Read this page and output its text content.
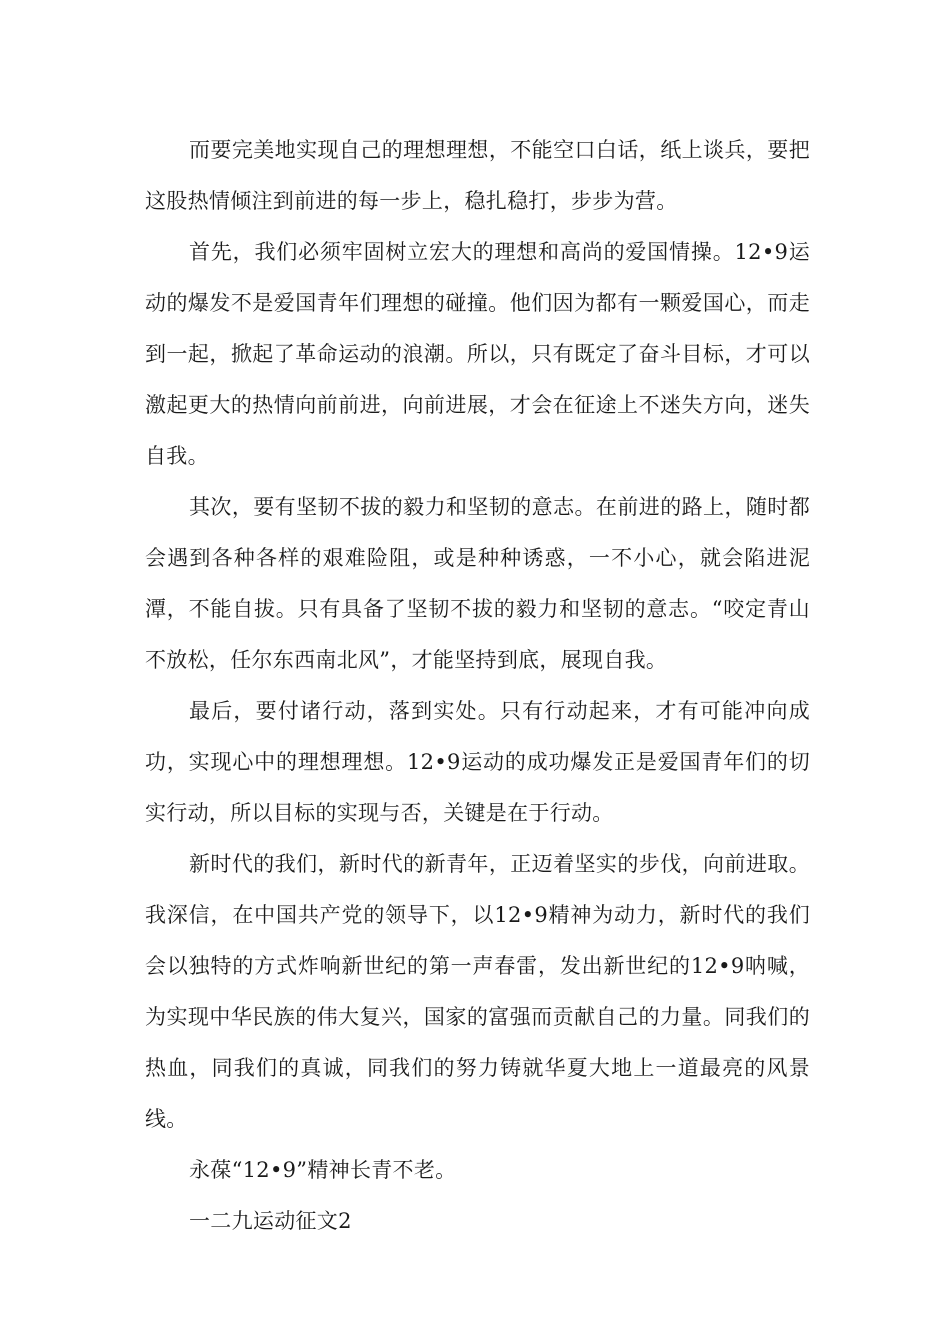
而要完美地实现自己的理想理想，不能空口白话，纸上谈兵，要把这股热情倾注到前进的每一步上，稳扎稳打，步步为营。

首先，我们必须牢固树立宏大的理想和高尚的爱国情操。12•9运动的爆发不是爱国青年们理想的碰撞。他们因为都有一颗爱国心，而走到一起，掀起了革命运动的浪潮。所以，只有既定了奋斗目标，才可以激起更大的热情向前前进，向前进展，才会在征途上不迷失方向，迷失自我。

其次，要有坚韧不拔的毅力和坚韧的意志。在前进的路上，随时都会遇到各种各样的艰难险阻，或是种种诱惑，一不小心，就会陷进泥潭，不能自拔。只有具备了坚韧不拔的毅力和坚韧的意志。“咬定青山不放松，任尔东西南北风”，才能坚持到底，展现自我。

最后，要付诸行动，落到实处。只有行动起来，才有可能冲向成功，实现心中的理想理想。12•9运动的成功爆发正是爱国青年们的切实行动，所以目标的实现与否，关键是在于行动。

新时代的我们，新时代的新青年，正迈着坚实的步伐，向前进取。我深信，在中国共产党的领导下，以12•9精神为动力，新时代的我们会以独特的方式炸响新世纪的第一声春雷，发出新世纪的12•9呐喊，为实现中华民族的伟大复兴，国家的富强而贡献自己的力量。同我们的热血，同我们的真诚，同我们的努力铸就华夏大地上一道最亮的风景线。

永葆“12•9”精神长青不老。

一二九运动征文2
